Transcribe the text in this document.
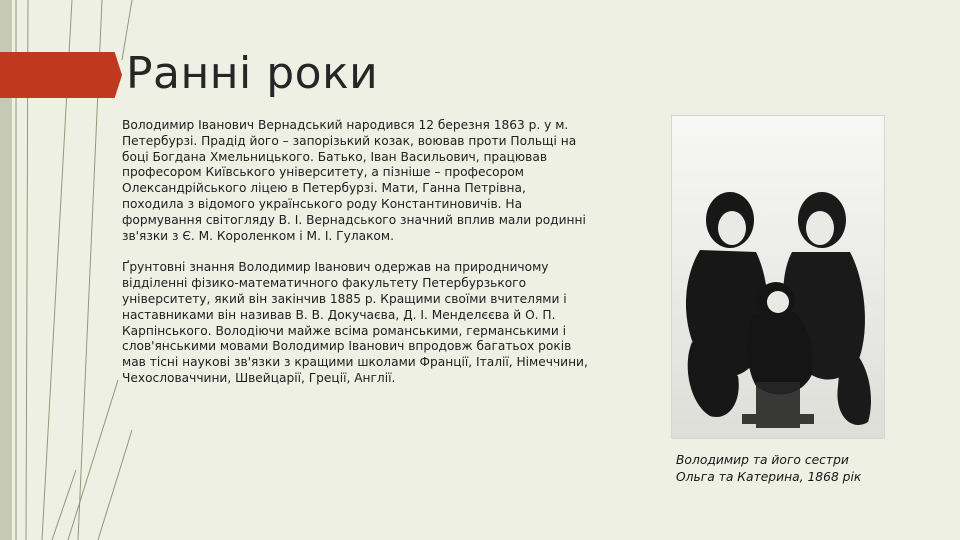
Ранні роки

Володимир Іванович Вернадський народився 12 березня 1863 р. у м. Петербурзі. Прадід його – запорізький козак, воював проти Польщі на боці Богдана Хмельницького. Батько, Іван Васильович, працював професором Київського університету, а пізніше – професором Олександрійського ліцею в Петербурзі. Мати, Ганна Петрівна, походила з відомого українського роду Константиновичів. На формування світогляду В. І. Вернадського значний вплив мали родинні зв'язки з Є. М. Короленком і М. І. Гулаком.

Ґрунтовні знання Володимир Іванович одержав на природничому відділенні фізико-математичного факультету Петербурзького університету, який він закінчив 1885 р. Кращими своїми вчителями і наставниками він називав В. В. Докучаєва, Д. І. Менделєєва й О. П. Карпінського. Володіючи майже всіма романськими, германськими і слов'янськими мовами Володимир Іванович впродовж багатьох років мав тісні наукові зв'язки з кращими школами Франції, Італії, Німеччини, Чехословаччини, Швейцарії, Греції, Англії.

Володимир та його сестри
Ольга та Катерина, 1868 рік
